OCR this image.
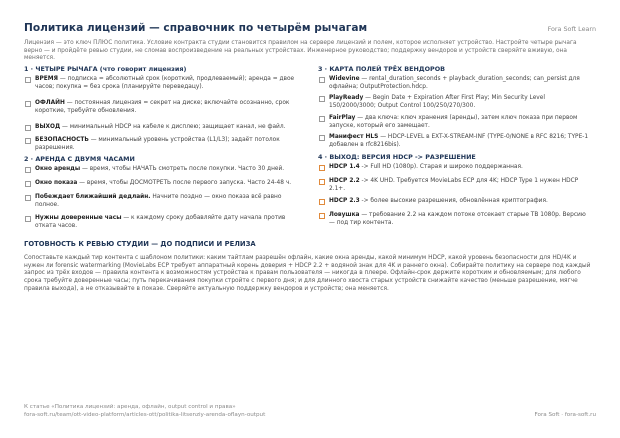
Политика лицензий — справочник по четырём рычагам	Fora Soft Learn
Лицензия — это ключ ПЛЮС политика. Условие контракта студии становится правилом на сервере лицензий и полем, которое исполняет устройство. Настройте четыре рычага верно — и пройдёте ревью студии, не сломав воспроизведение на реальных устройствах. Инженерное руководство; поддержку вендоров и устройств сверяйте вживую, она меняется.
1 · ЧЕТЫРЕ РЫЧАГА (что говорит лицензия)
ВРЕМЯ — подписка = абсолютный срок (короткий, продлеваемый); аренда = двое часов; покупка = без срока (планируйте переведацу).
ОФЛАЙН — постоянная лицензия = секрет на диске; включайте осознанно, срок короткие, требуйте обновления.
ВЫХОД — минимальный HDCP на кабеле к дисплею; защищает канал, не файл.
БЕЗОПАСНОСТЬ — минимальный уровень устройства (L1/L3); задаёт потолок разрешения.
2 · АРЕНДА С ДВУМЯ ЧАСАМИ
Окно аренды — время, чтобы НАЧАТЬ смотреть после покупки. Часто 30 дней.
Окно показа — время, чтобы ДОСМОТРЕТЬ после первого запуска. Часто 24-48 ч.
Побеждает ближайший дедлайн. Начните поздно — окно показа всё равно полное.
Нужны доверенные часы — к каждому сроку добавляйте дату начала против отката часов.
3 · КАРТА ПОЛЕЙ ТРЁХ ВЕНДОРОВ
Widevine — rental_duration_seconds + playback_duration_seconds; can_persist для офлайна; OutputProtection.hdcp.
PlayReady — Begin Date + Expiration After First Play; Min Security Level 150/2000/3000; Output Control 100/250/270/300.
FairPlay — два ключа: ключ хранения (аренды), затем ключ показа при первом запуске, который его замещает.
Манифест HLS — HDCP-LEVEL в EXT-X-STREAM-INF (TYPE-0/NONE в RFC 8216; TYPE-1 добавлен в rfc8216bis).
4 · ВЫХОД: ВЕРСИЯ HDCP -> РАЗРЕШЕНИЕ
HDCP 1.4 -> Full HD (1080p). Старая и широко поддержанная.
HDCP 2.2 -> 4K UHD. Требуется MovieLabs ECP для 4K; HDCP Type 1 нужен HDCP 2.1+.
HDCP 2.3 -> более высокие разрешения, обновлённая криптография.
Ловушка — требование 2.2 на каждом потоке отсекает старые ТВ 1080p. Версию — под тир контента.
ГОТОВНОСТЬ К РЕВЬЮ СТУДИИ — ДО ПОДПИСИ И РЕЛИЗА
Сопоставьте каждый тир контента с шаблоном политики: каким тайтлам разрешён офлайн, какие окна аренды, какой минимум HDCP, какой уровень безопасности для HD/4K и нужен ли forensic watermarking (MovieLabs ECP требует аппаратный корень доверия + HDCP 2.2 + водяной знак для 4K и раннего окна). Собирайте политику на сервере под каждый запрос из трёх входов — правила контента к возможностям устройства к правам пользователя — никогда в плеере. Офлайн-срок держите коротким и обновляемым; для любого срока требуйте доверенные часы; путь перекачивания покупки стройте с первого дня; и для длинного хвоста старых устройств снижайте качество (меньше разрешение, мягче правила выхода), а не отказывайте в показе. Сверяйте актуальную поддержку вендоров и устройств; она меняется.
К статье «Политика лицензий: аренда, офлайн, output control и права»
fora-soft.ru/team/ott-video-platform/articles-ott/politika-litsenziy-arenda-oflayn-output	Fora Soft · fora-soft.ru
